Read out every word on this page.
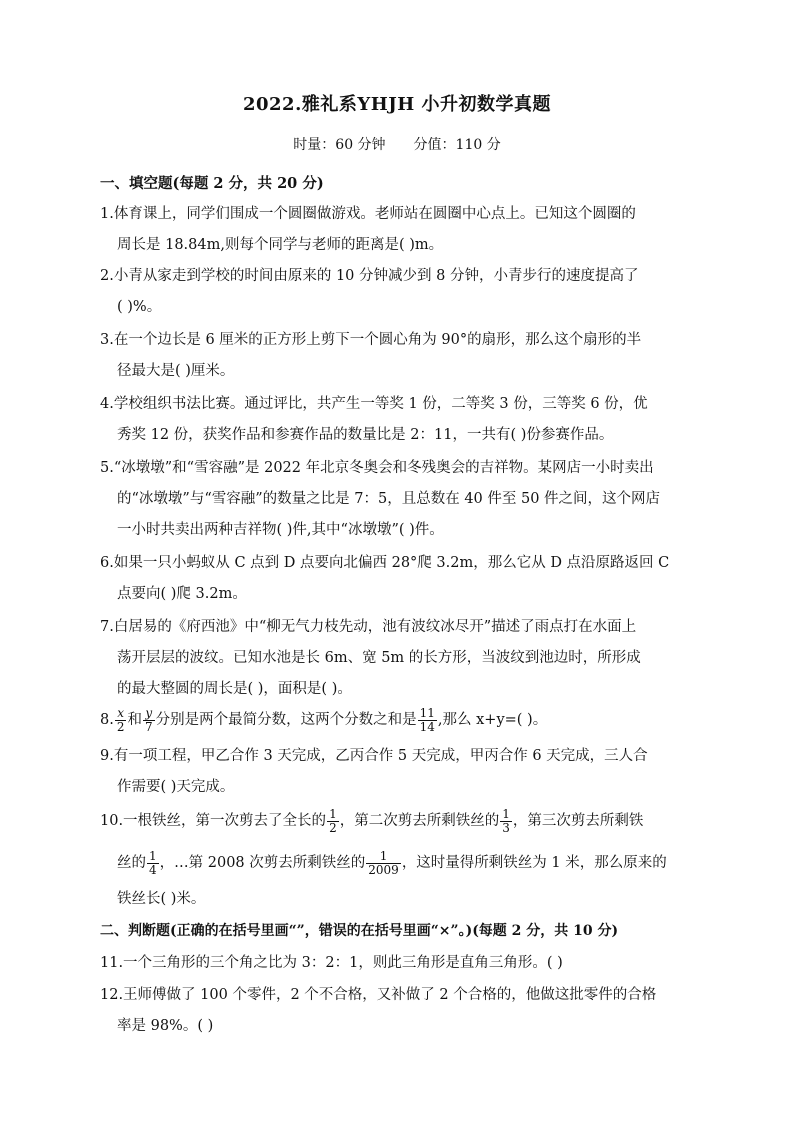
2022.雅礼系YHJH 小升初数学真题
时量：60 分钟 分值：110 分
一、填空题(每题 2 分，共 20 分)
1.体育课上，同学们围成一个圆圈做游戏。老师站在圆圈中心点上。已知这个圆圈的
周长是 18.84m,则每个同学与老师的距离是( )m。
2.小青从家走到学校的时间由原来的 10 分钟减少到 8 分钟，小青步行的速度提高了
( )%。
3.在一个边长是 6 厘米的正方形上剪下一个圆心角为 90°的扇形，那么这个扇形的半
径最大是( )厘米。
4.学校组织书法比赛。通过评比，共产生一等奖 1 份，二等奖 3 份，三等奖 6 份，优
秀奖 12 份，获奖作品和参赛作品的数量比是 2：11，一共有( )份参赛作品。
5.“冰墩墩”和“雪容融”是 2022 年北京冬奥会和冬残奥会的吉祥物。某网店一小时卖出
的“冰墩墩”与“雪容融”的数量之比是 7：5，且总数在 40 件至 50 件之间，这个网店
一小时共卖出两种吉祥物( )件,其中“冰墩墩”( )件。
6.如果一只小蚂蚁从 C 点到 D 点要向北偏西 28°爬 3.2m，那么它从 D 点沿原路返回 C
点要向( )爬 3.2m。
7.白居易的《府西池》中“柳无气力枝先动，池有波纹冰尽开”描述了雨点打在水面上
荡开层层的波纹。已知水池是长 6m、宽 5m 的长方形，当波纹到池边时，所形成
的最大整圆的周长是( )，面积是( )。
8. $\frac{x}{2}$ 和 $\frac{y}{7}$ 分别是两个最简分数，这两个分数之和是 $\frac{11}{14}$ ,那么 x+y=( )。
9.有一项工程，甲乙合作 3 天完成，乙丙合作 5 天完成，甲丙合作 6 天完成，三人合
作需要( )天完成。
10.一根铁丝，第一次剪去了全长的 $\frac{1}{2}$ ，第二次剪去所剩铁丝的 $\frac{1}{3}$ ，第三次剪去所剩铁
丝的 $\frac{1}{4}$ ，…第 2008 次剪去所剩铁丝的 $\frac{1}{2009}$ ，这时量得所剩铁丝为 1 米，那么原来的
铁丝长( )米。
二、判断题(正确的在括号里画“”，错误的在括号里画“×”。)(每题 2 分，共 10 分)
11.一个三角形的三个角之比为 3：2：1，则此三角形是直角三角形。( )
12.王师傅做了 100 个零件，2 个不合格，又补做了 2 个合格的，他做这批零件的合格
率是 98%。( )
